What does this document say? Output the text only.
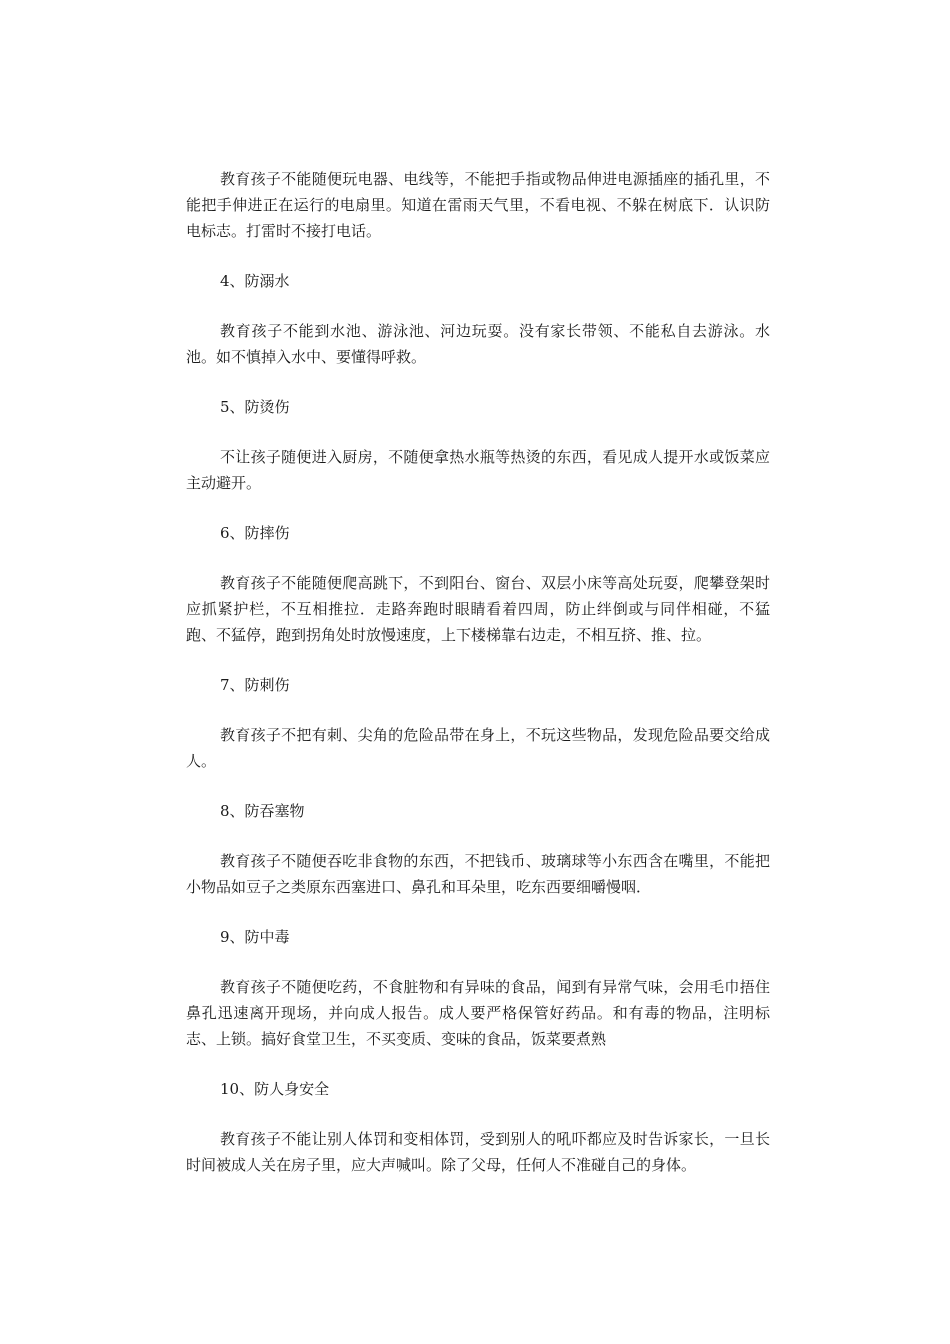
教育孩子不能随便玩电器、电线等，不能把手指或物品伸进电源插座的插孔里，不能把手伸进正在运行的电扇里。知道在雷雨天气里，不看电视、不躲在树底下．认识防电标志。打雷时不接打电话。

4、防溺水

教育孩子不能到水池、游泳池、河边玩耍。没有家长带领、不能私自去游泳。水池。如不慎掉入水中、要懂得呼救。

5、防烫伤

不让孩子随便进入厨房，不随便拿热水瓶等热烫的东西，看见成人提开水或饭菜应主动避开。

6、防摔伤

教育孩子不能随便爬高跳下，不到阳台、窗台、双层小床等高处玩耍，爬攀登架时应抓紧护栏，不互相推拉．走路奔跑时眼睛看着四周，防止绊倒或与同伴相碰，不猛跑、不猛停，跑到拐角处时放慢速度，上下楼梯靠右边走，不相互挤、推、拉。

7、防刺伤

教育孩子不把有刺、尖角的危险品带在身上，不玩这些物品，发现危险品要交给成人。

8、防吞塞物

教育孩子不随便吞吃非食物的东西，不把钱币、玻璃球等小东西含在嘴里，不能把小物品如豆子之类原东西塞进口、鼻孔和耳朵里，吃东西要细嚼慢咽．

9、防中毒

教育孩子不随便吃药，不食脏物和有异味的食品，闻到有异常气味，会用毛巾捂住鼻孔迅速离开现场，并向成人报告。成人要严格保管好药品。和有毒的物品，注明标志、上锁。搞好食堂卫生，不买变质、变味的食品，饭菜要煮熟

10、防人身安全

教育孩子不能让别人体罚和变相体罚，受到别人的吼吓都应及时告诉家长，一旦长时间被成人关在房子里，应大声喊叫。除了父母，任何人不准碰自己的身体。
